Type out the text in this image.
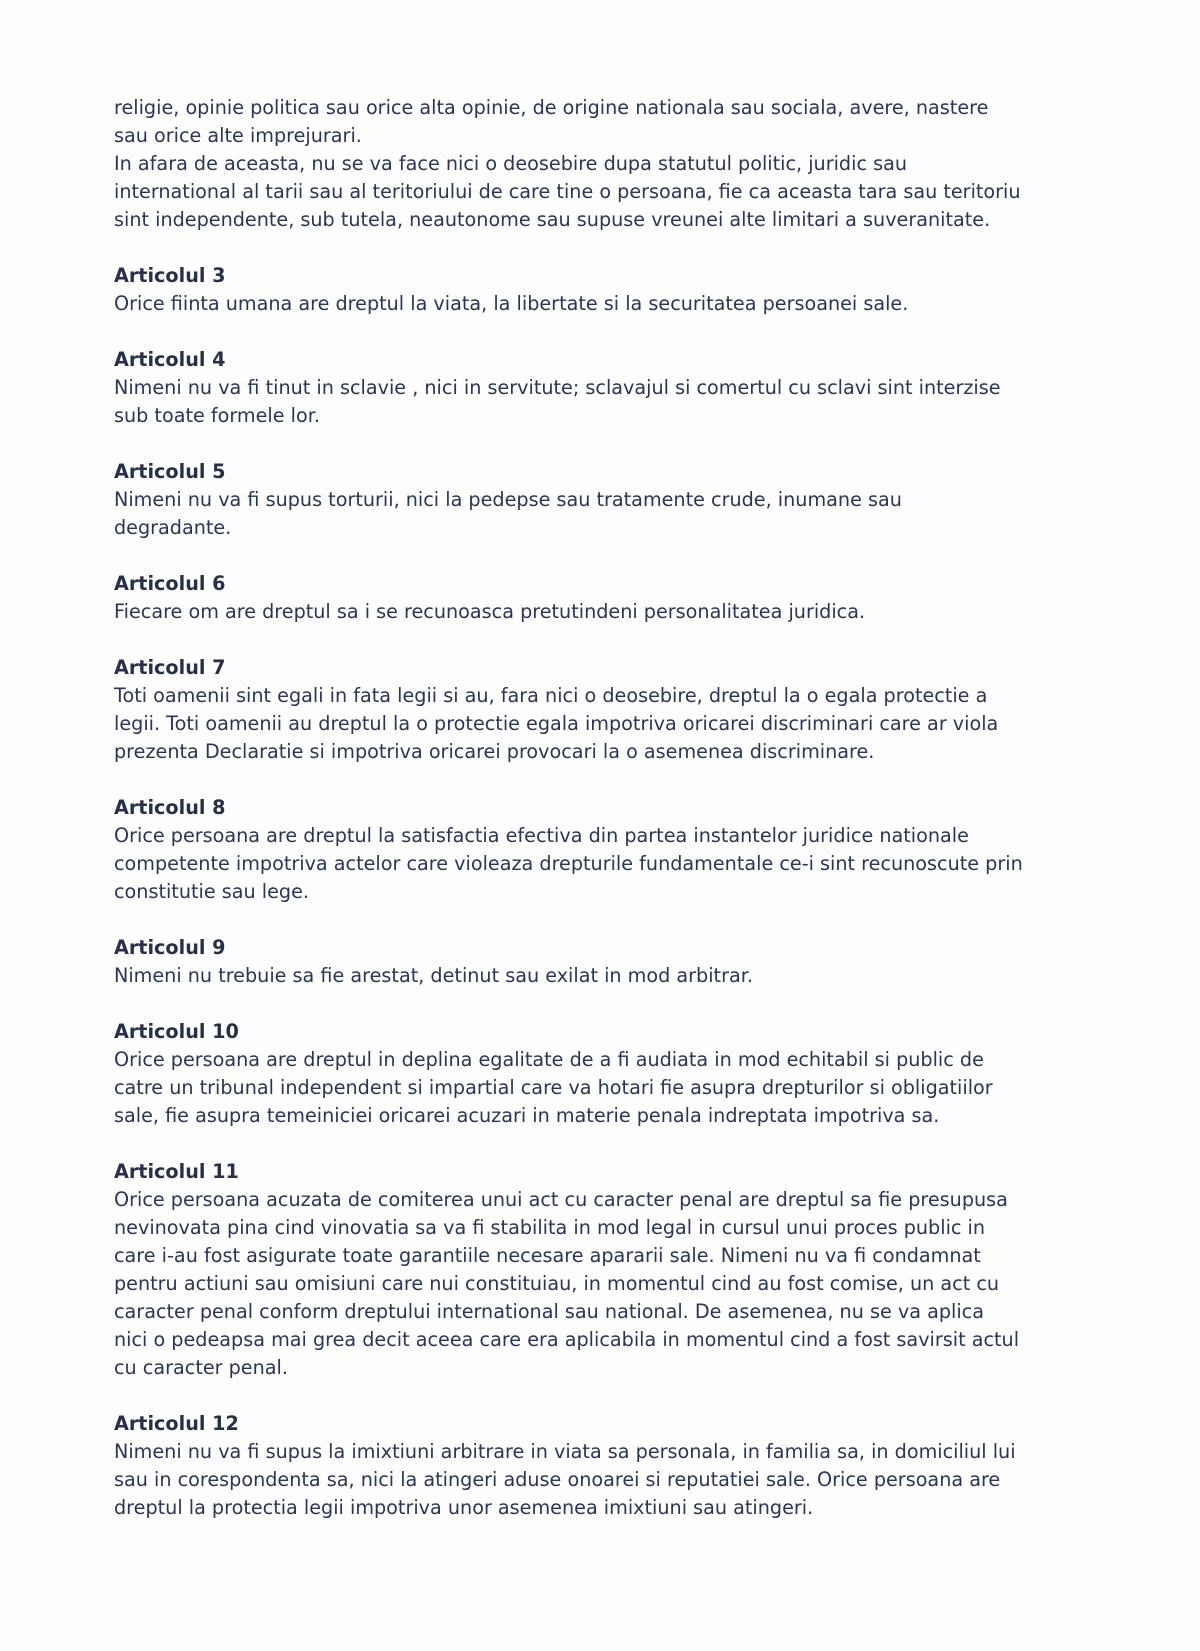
religie, opinie politica sau orice alta opinie, de origine nationala sau sociala, avere, nastere
sau orice alte imprejurari.

In afara de aceasta, nu se va face nici o deosebire dupa statutul politic, juridic sau
international al tarii sau al teritoriului de care tine o persoana, fie ca aceasta tara sau teritoriu
sint independente, sub tutela, neautonome sau supuse vreunei alte limitari a suveranitate.

Articolul 3

Orice fiinta umana are dreptul la viata, la libertate si la securitatea persoanei sale.

Articolul 4

Nimeni nu va fi tinut in sclavie , nici in servitute; sclavajul si comertul cu sclavi sint interzise
sub toate formele lor.

Articolul 5

Nimeni nu va fi supus torturii, nici la pedepse sau tratamente crude, inumane sau
degradante.

Articolul 6

Fiecare om are dreptul sa i se recunoasca pretutindeni personalitatea juridica.

Articolul 7

Toti oamenii sint egali in fata legii si au, fara nici o deosebire, dreptul la o egala protectie a
legii. Toti oamenii au dreptul la o protectie egala impotriva oricarei discriminari care ar viola
prezenta Declaratie si impotriva oricarei provocari la o asemenea discriminare.

Articolul 8

Orice persoana are dreptul la satisfactia efectiva din partea instantelor juridice nationale
competente impotriva actelor care violeaza drepturile fundamentale ce-i sint recunoscute prin
constitutie sau lege.

Articolul 9

Nimeni nu trebuie sa fie arestat, detinut sau exilat in mod arbitrar.

Articolul 10

Orice persoana are dreptul in deplina egalitate de a fi audiata in mod echitabil si public de
catre un tribunal independent si impartial care va hotari fie asupra drepturilor si obligatiilor
sale, fie asupra temeiniciei oricarei acuzari in materie penala indreptata impotriva sa.

Articolul 11

Orice persoana acuzata de comiterea unui act cu caracter penal are dreptul sa fie presupusa
nevinovata pina cind vinovatia sa va fi stabilita in mod legal in cursul unui proces public in
care i-au fost asigurate toate garantiile necesare apararii sale. Nimeni nu va fi condamnat
pentru actiuni sau omisiuni care nui constituiau, in momentul cind au fost comise, un act cu
caracter penal conform dreptului international sau national. De asemenea, nu se va aplica
nici o pedeapsa mai grea decit aceea care era aplicabila in momentul cind a fost savirsit actul
cu caracter penal.

Articolul 12

Nimeni nu va fi supus la imixtiuni arbitrare in viata sa personala, in familia sa, in domiciliul lui
sau in corespondenta sa, nici la atingeri aduse onoarei si reputatiei sale. Orice persoana are
dreptul la protectia legii impotriva unor asemenea imixtiuni sau atingeri.
